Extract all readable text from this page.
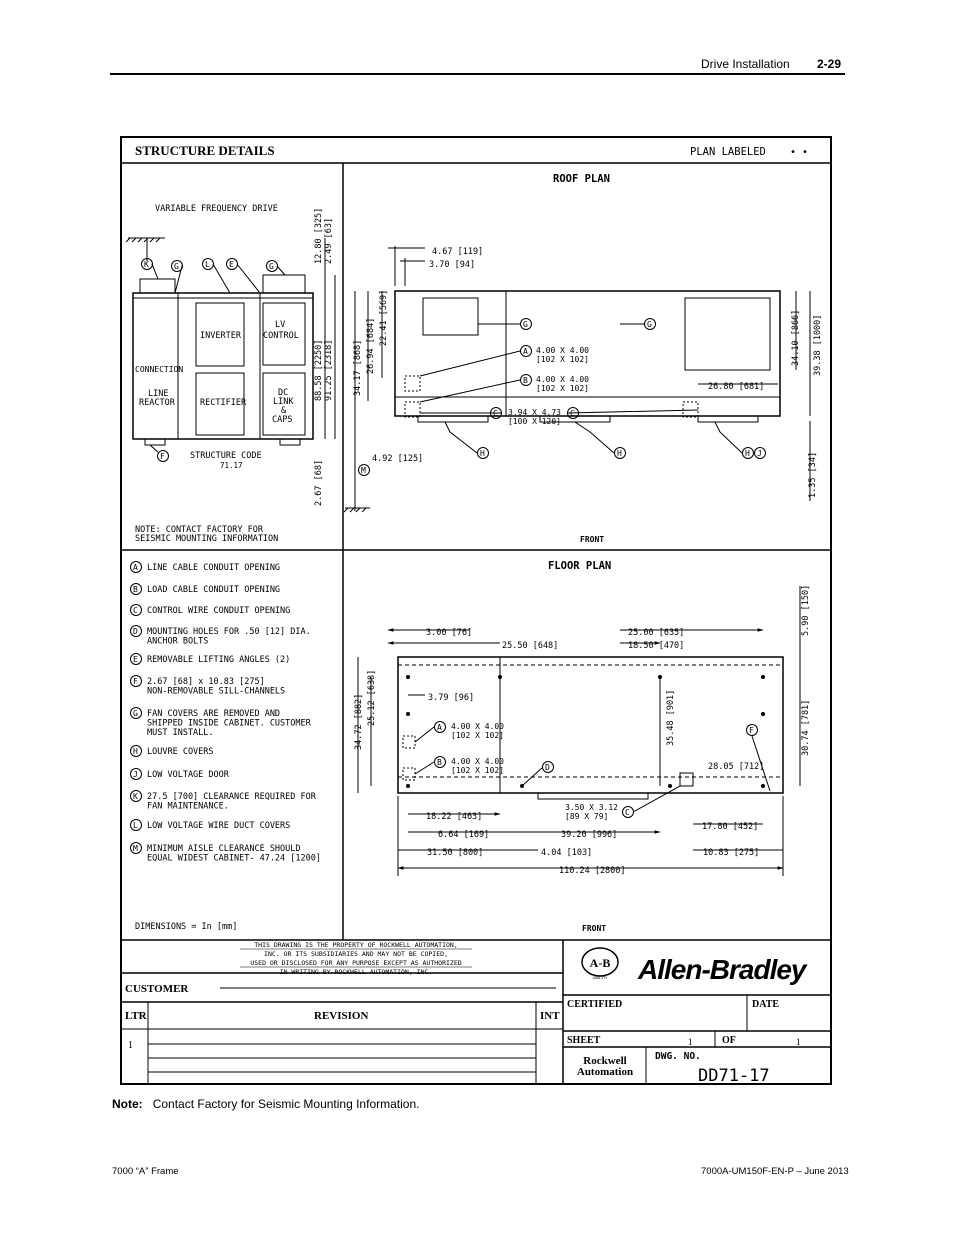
Drive Installation 2-29
STRUCTURE DETAILS	PLAN LABELED • •
VARIABLE FREQUENCY DRIVE
INVERTER
LV
CONTROL
CONNECTION
LINE
REACTOR	RECTIFIER
DC
LINK
&
CAPS
K	G	L E	G
F	STRUCTURE CODE
71.17
12.80 [325] 2.49 [63]
88.58 [2250] 91.25 [2318]
2.67 [68]
NOTE: CONTACT FACTORY FOR
SEISMIC MOUNTING INFORMATION
ROOF PLAN
4.67 [119]
3.70 [94]
34.17 [868] 26.94 [684] 22.41 [569]
4.92 [125]
34.10 [866] 39.38 [1000]
26.80 [681]
1.35 [34]
A 4.00 X 4.00
[102 X 102]
B 4.00 X 4.00
[102 X 102]
C 3.94 X 4.73
[100 X 120]
G	G
C
H	H	H J
M
FRONT
A LINE CABLE CONDUIT OPENING
B LOAD CABLE CONDUIT OPENING
C CONTROL WIRE CONDUIT OPENING
D MOUNTING HOLES FOR .50 [12] DIA.
ANCHOR BOLTS
E REMOVABLE LIFTING ANGLES (2)
F 2.67 [68] x 10.83 [275]
NON-REMOVABLE SILL-CHANNELS
G FAN COVERS ARE REMOVED AND
SHIPPED INSIDE CABINET. CUSTOMER
MUST INSTALL.
H LOUVRE COVERS
J LOW VOLTAGE DOOR
K 27.5 [700] CLEARANCE REQUIRED FOR
FAN MAINTENANCE.
L LOW VOLTAGE WIRE DUCT COVERS
M MINIMUM AISLE CLEARANCE SHOULD
EQUAL WIDEST CABINET- 47.24 [1200]
DIMENSIONS = In [mm]
FLOOR PLAN
3.00 [76]
25.50 [648]
25.00 [635]
18.50 [470]
5.90 [150]
34.72 [882] 25.12 [638]	3.79 [96]	35.48 [901]	30.74 [781]
28.05 [712]
18.22 [463]
6.64 [169]	39.20 [996]
17.80 [452]
31.50 [800]	4.04 [103]	10.83 [275]
110.24 [2800]
A 4.00 X 4.00
[102 X 102]
B 4.00 X 4.00
[102 X 102]
C
3.50 X 3.12
[89 X 79]
D
F
FRONT
THIS DRAWING IS THE PROPERTY OF ROCKWELL AUTOMATION,
INC. OR ITS SUBSIDIARIES AND MAY NOT BE COPIED,
USED OR DISCLOSED FOR ANY PURPOSE EXCEPT AS AUTHORIZED
IN WRITING BY ROCKWELL AUTOMATION, INC.
CUSTOMER
LTR	REVISION	INT
1
A-B
QUALITY Allen-Bradley
CERTIFIED	DATE
SHEET	1	OF	1
Rockwell
Automation
DWG. NO.
DD71-17
Note: Contact Factory for Seismic Mounting Information.
7000 “A” Frame	7000A-UM150F-EN-P – June 2013
